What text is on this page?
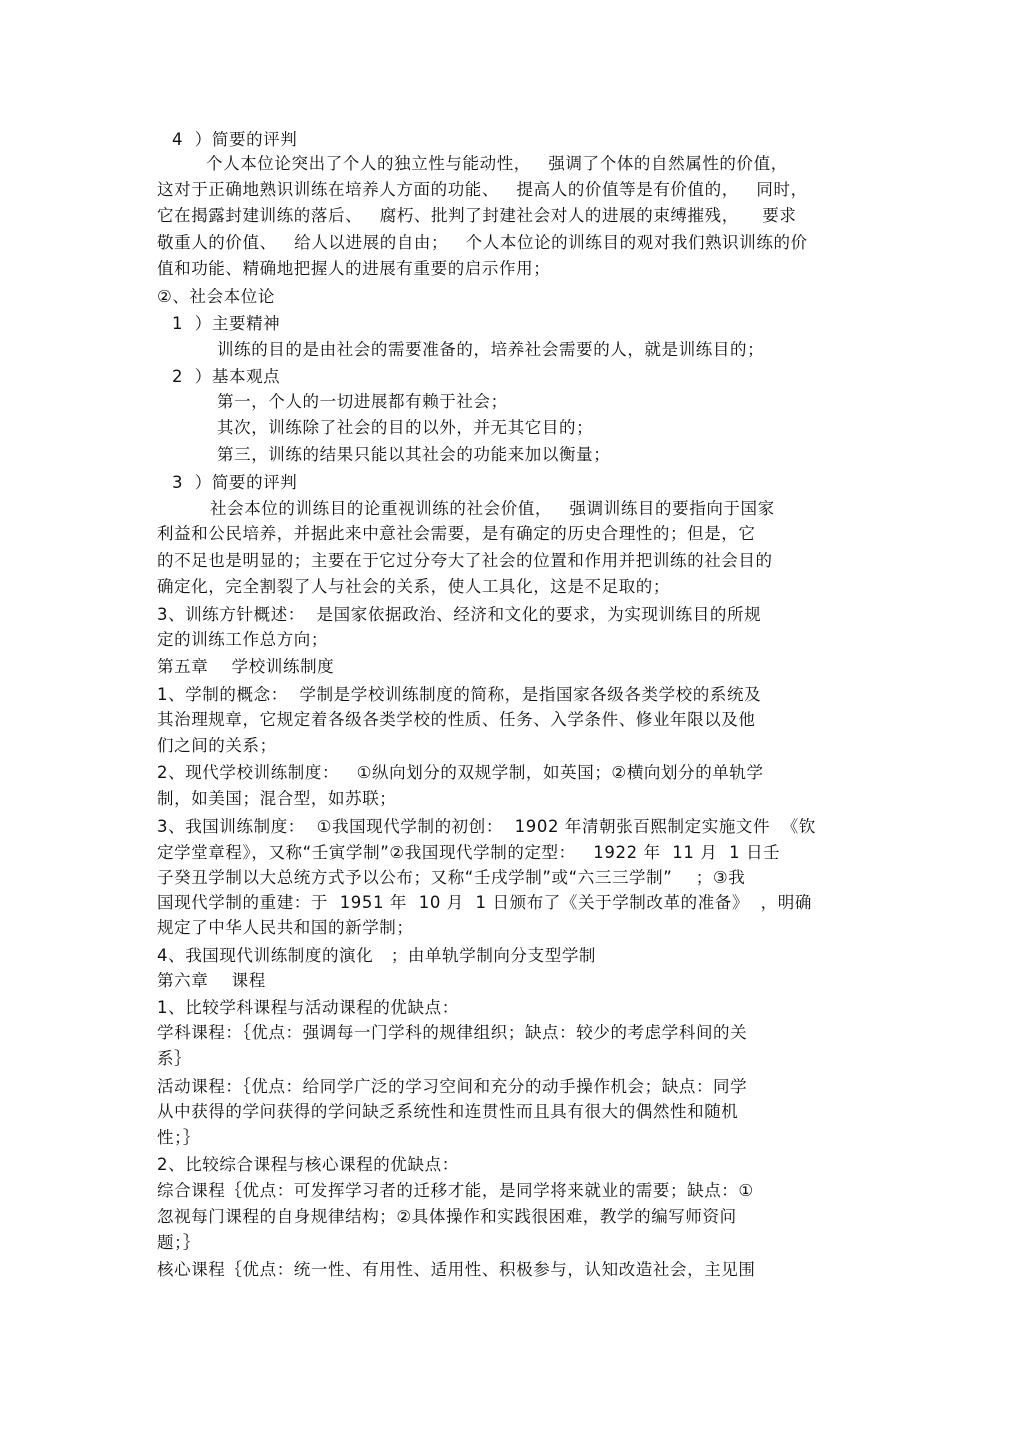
4  ）简要的评判
个人本位论突出了个人的独立性与能动性，   强调了个体的自然属性的价值，
这对于正确地熟识训练在培养人方面的功能、   提高人的价值等是有价值的，   同时，
它在揭露封建训练的落后、   腐朽、批判了封建社会对人的进展的束缚摧残，    要求
敬重人的价值、   给人以进展的自由；   个人本位论的训练目的观对我们熟识训练的价
值和功能、精确地把握人的进展有重要的启示作用；
②、社会本位论
1  ）主要精神
训练的目的是由社会的需要准备的，培养社会需要的人，就是训练目的；
2  ）基本观点
第一，个人的一切进展都有赖于社会；
其次，训练除了社会的目的以外，并无其它目的；
第三，训练的结果只能以其社会的功能来加以衡量；
3  ）简要的评判
社会本位的训练目的论重视训练的社会价值，   强调训练目的要指向于国家
利益和公民培养，并据此来中意社会需要，是有确定的历史合理性的；但是，它
的不足也是明显的；主要在于它过分夸大了社会的位置和作用并把训练的社会目的
确定化，完全割裂了人与社会的关系，使人工具化，这是不足取的；
3、训练方针概述：  是国家依据政治、经济和文化的要求，为实现训练目的所规
定的训练工作总方向；
第五章    学校训练制度
1、学制的概念：  学制是学校训练制度的简称，是指国家各级各类学校的系统及
其治理规章，它规定着各级各类学校的性质、任务、入学条件、修业年限以及他
们之间的关系；
2、现代学校训练制度：   ①纵向划分的双规学制，如英国；②横向划分的单轨学
制，如美国；混合型，如苏联；
3、我国训练制度：  ①我国现代学制的初创：  1902 年清朝张百熙制定实施文件  《钦
定学堂章程》，又称“壬寅学制”②我国现代学制的定型：   1922 年  11 月  1 日壬
子癸丑学制以大总统方式予以公布；又称“壬戌学制”或“六三三学制”    ；③我
国现代学制的重建：于  1951 年  10 月  1 日颁布了《关于学制改革的准备》  ，明确
规定了中华人民共和国的新学制；
4、我国现代训练制度的演化   ；由单轨学制向分支型学制
第六章    课程
1、比较学科课程与活动课程的优缺点：
学科课程：｛优点：强调每一门学科的规律组织；缺点：较少的考虑学科间的关
系｝
活动课程：｛优点：给同学广泛的学习空间和充分的动手操作机会；缺点：同学
从中获得的学问获得的学问缺乏系统性和连贯性而且具有很大的偶然性和随机
性；｝
2、比较综合课程与核心课程的优缺点：
综合课程｛优点：可发挥学习者的迁移才能，是同学将来就业的需要；缺点：①
忽视每门课程的自身规律结构；②具体操作和实践很困难，教学的编写师资问
题；｝
核心课程｛优点：统一性、有用性、适用性、积极参与，认知改造社会，主见围
